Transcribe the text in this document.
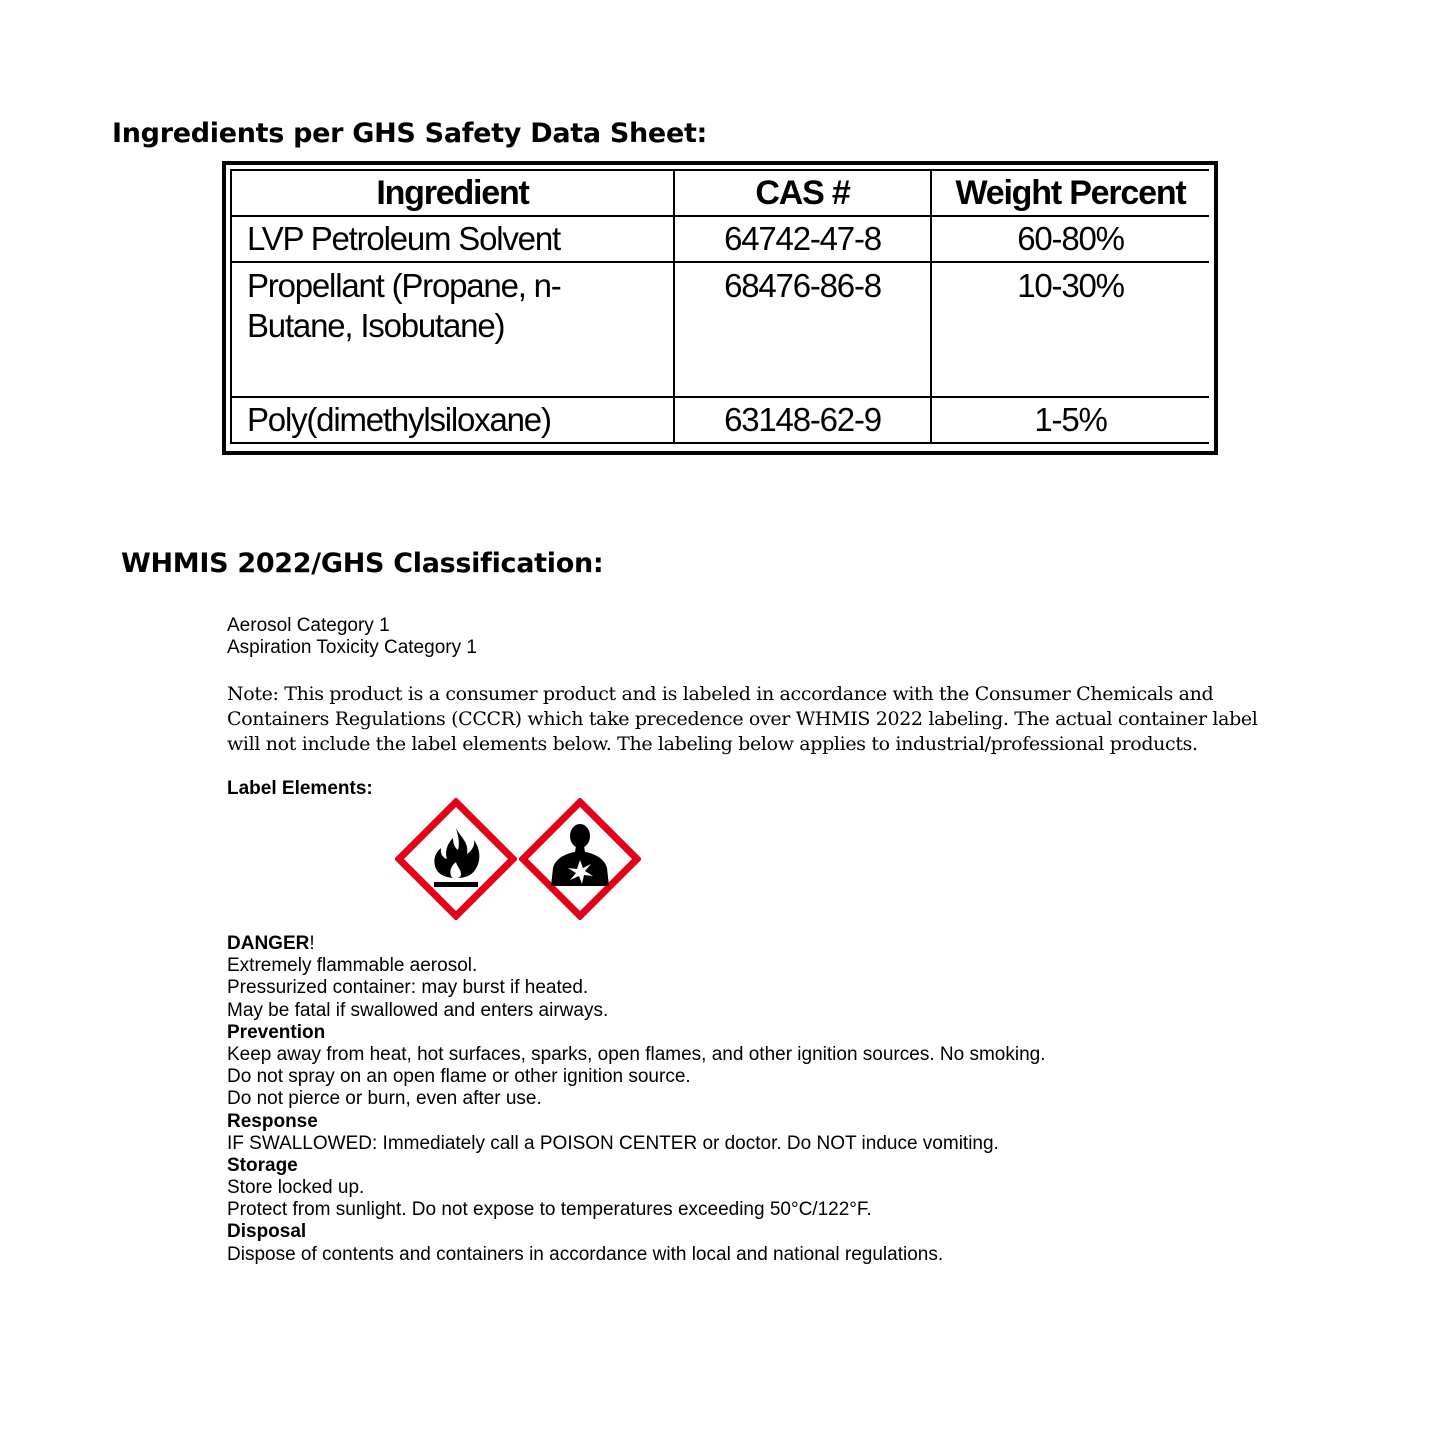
Ingredients per GHS Safety Data Sheet:
Ingredient	CAS #	Weight Percent
LVP Petroleum Solvent	64742-47-8	60-80%

Propellant (Propane, n-
Butane, Isobutane)	68476-86-8	10-30%
Poly(dimethylsiloxane)	63148-62-9	1-5%
WHMIS 2022/GHS Classification:
Aerosol Category 1
Aspiration Toxicity Category 1
Note: This product is a consumer product and is labeled in accordance with the Consumer Chemicals and
Containers Regulations (CCCR) which take precedence over WHMIS 2022 labeling. The actual container label
will not include the label elements below. The labeling below applies to industrial/professional products.
Label Elements:
DANGER!
Extremely flammable aerosol.
Pressurized container: may burst if heated.
May be fatal if swallowed and enters airways.
Prevention
Keep away from heat, hot surfaces, sparks, open flames, and other ignition sources. No smoking.
Do not spray on an open flame or other ignition source.
Do not pierce or burn, even after use.
Response
IF SWALLOWED: Immediately call a POISON CENTER or doctor. Do NOT induce vomiting.
Storage
Store locked up.
Protect from sunlight. Do not expose to temperatures exceeding 50°C/122°F.
Disposal
Dispose of contents and containers in accordance with local and national regulations.
